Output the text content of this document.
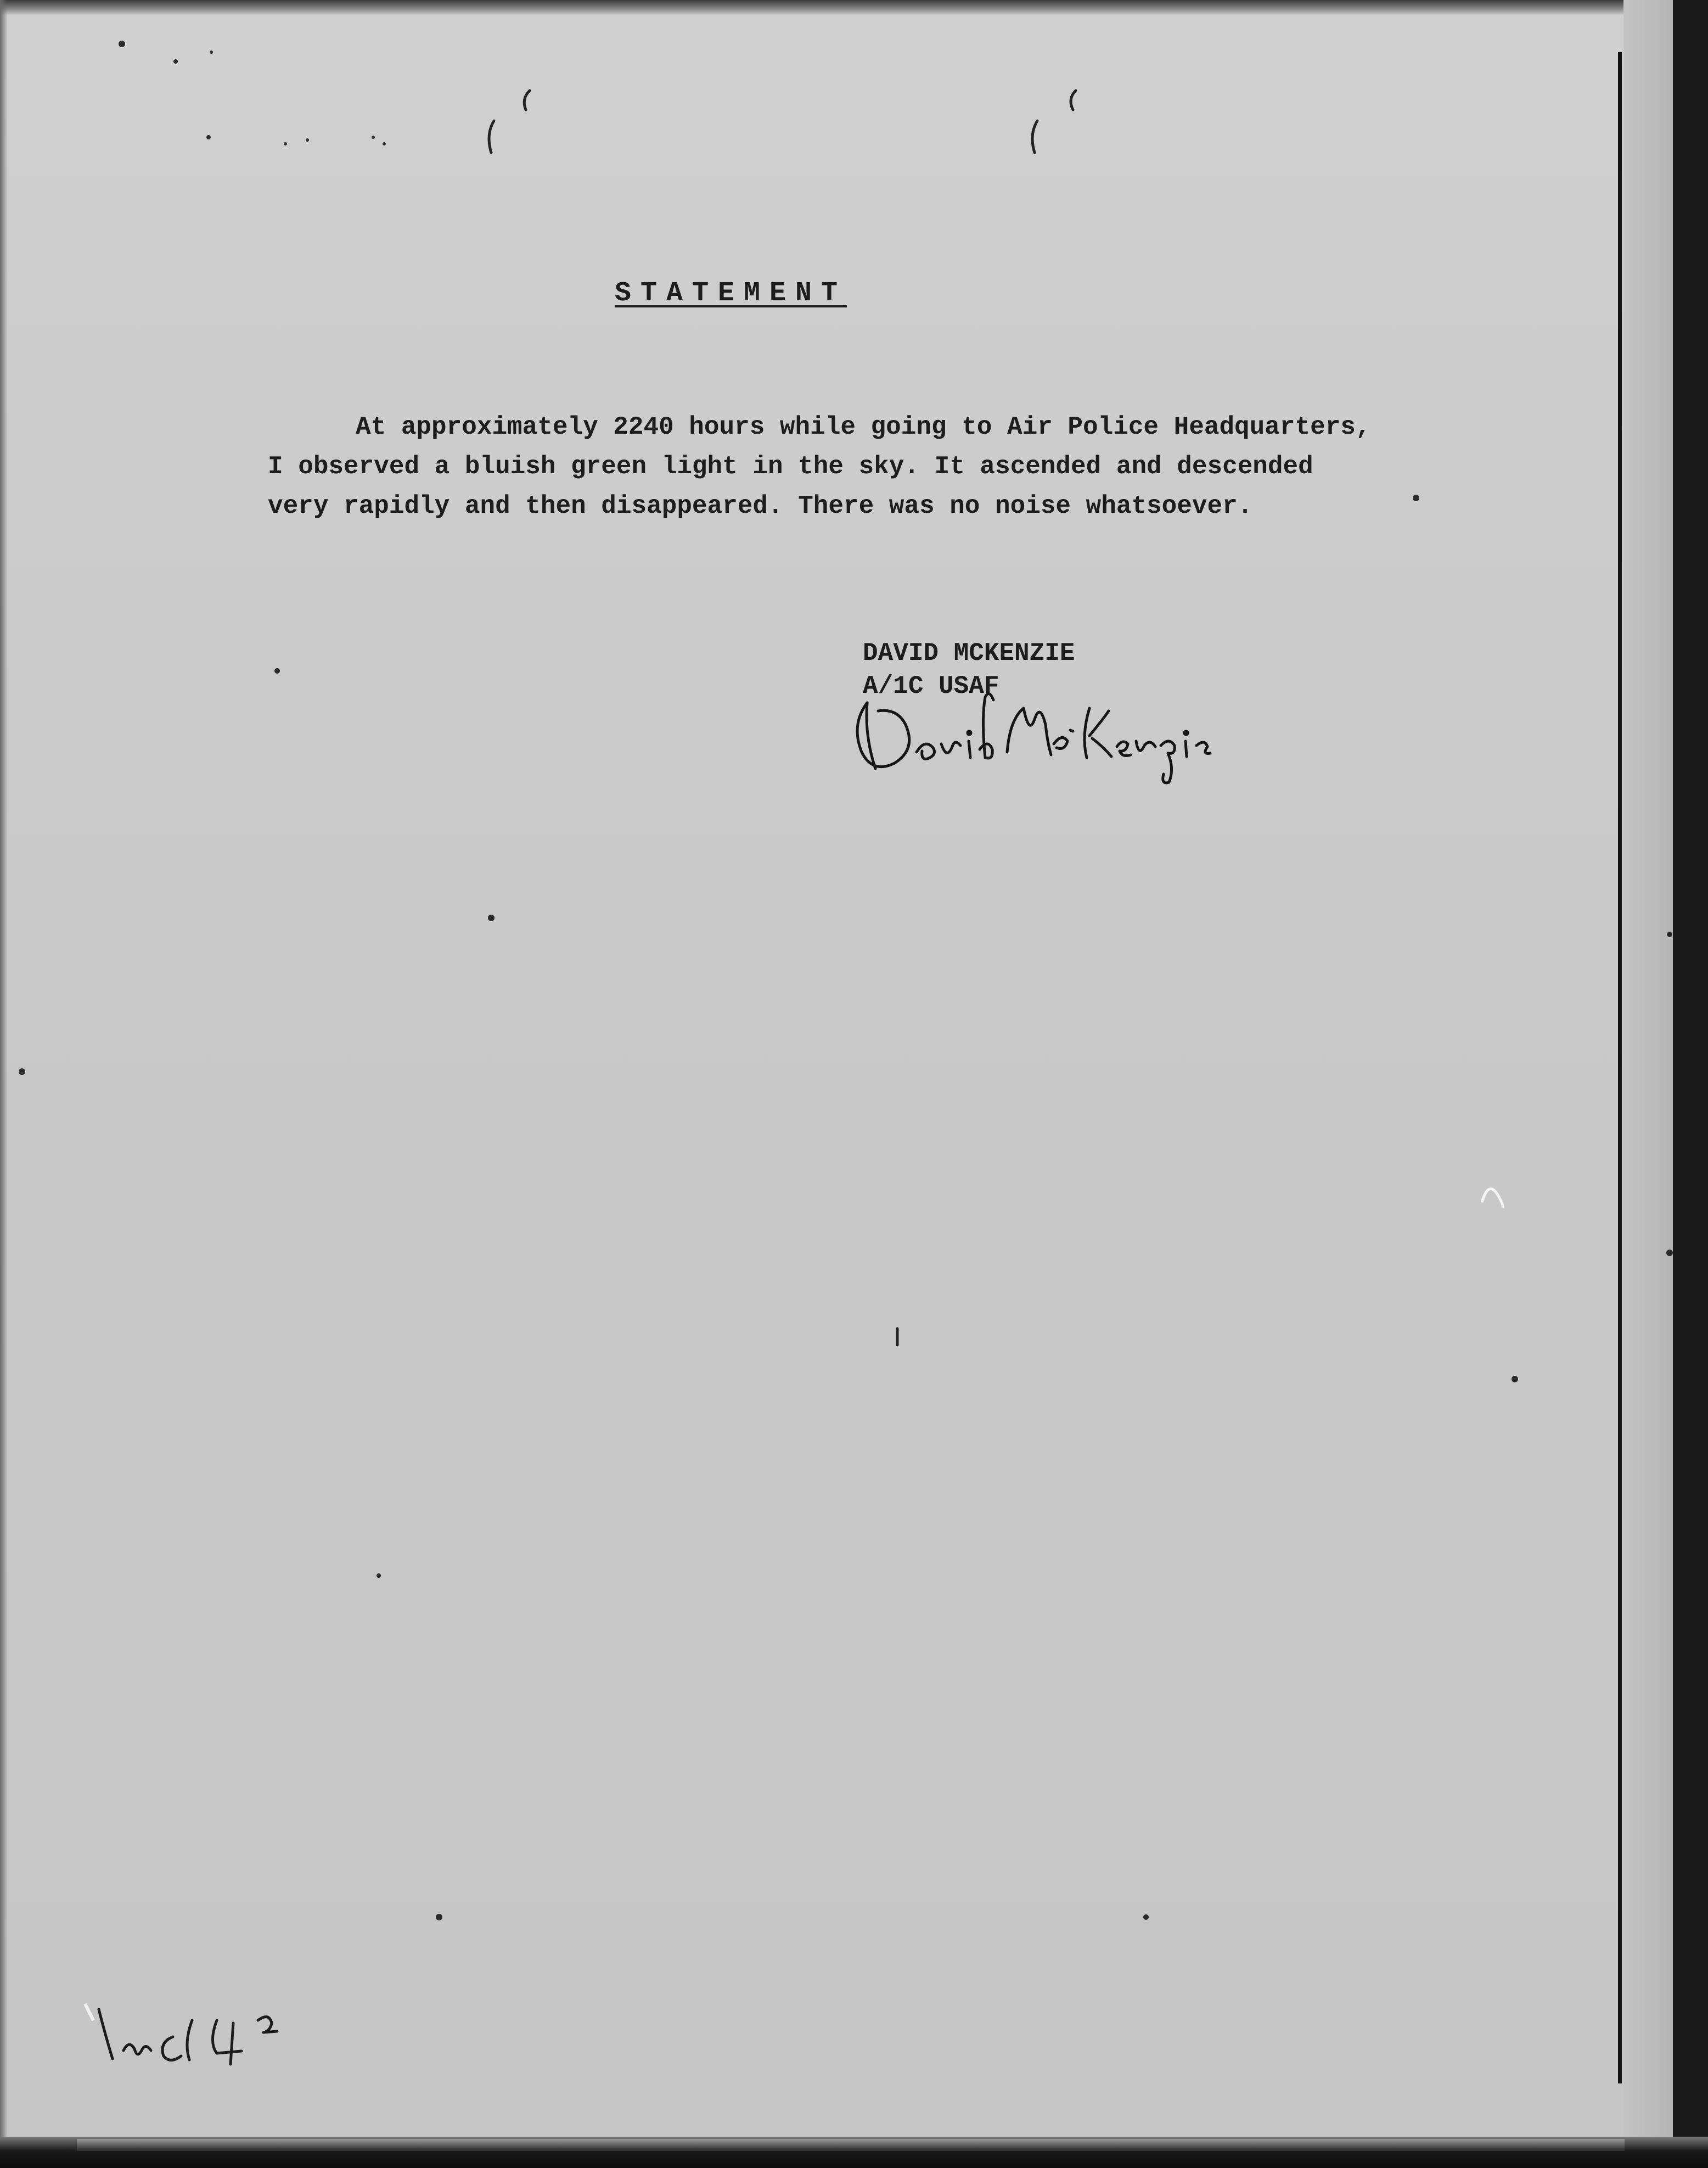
STATEMENT
At approximately 2240 hours while going to Air Police Headquarters,
I observed a bluish green light in the sky. It ascended and descended
very rapidly and then disappeared. There was no noise whatsoever.
DAVID MCKENZIE
A/1C USAF
